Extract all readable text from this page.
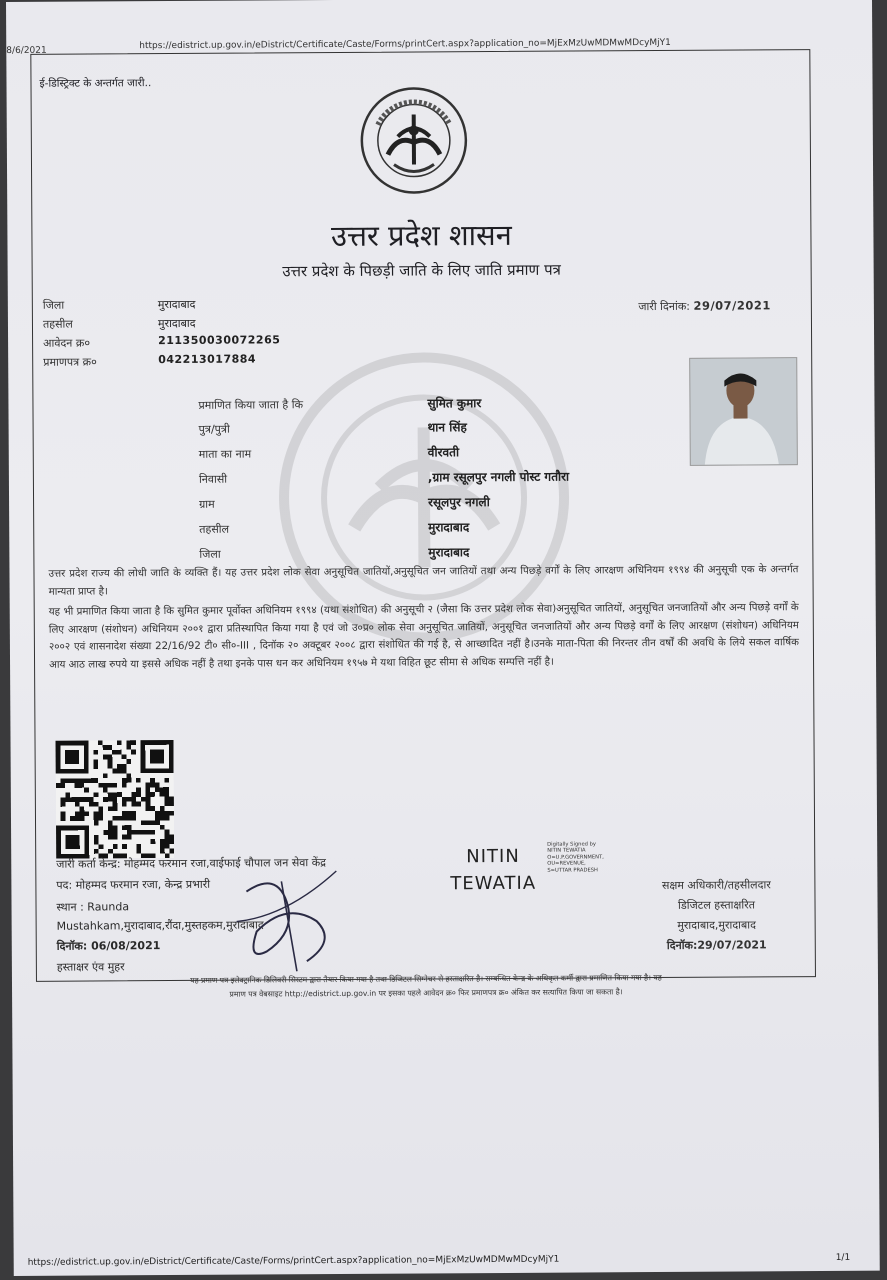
8/6/2021	https://edistrict.up.gov.in/eDistrict/Certificate/Caste/Forms/printCert.aspx?application_no=MjExMzUwMDMwMDcyMjY1
ई-डिस्ट्रिक्ट के अन्तर्गत जारी..
उत्तर प्रदेश शासन
उत्तर प्रदेश के पिछड़ी जाति के लिए जाति प्रमाण पत्र
जिला	मुरादाबाद
तहसील	मुरादाबाद
आवेदन क्र०	211350030072265
प्रमाणपत्र क्र०	042213017884
जारी दिनांक: 29/07/2021
प्रमाणित किया जाता है कि	सुमित कुमार
पुत्र/पुत्री	थान सिंह
माता का नाम	वीरवती
निवासी	,ग्राम रसूलपुर नगली पोस्ट गतौरा
ग्राम	रसूलपुर नगली
तहसील	मुरादाबाद
जिला	मुरादाबाद
उत्तर प्रदेश राज्य की लोधी जाति के व्यक्ति हैं। यह उत्तर प्रदेश लोक सेवा अनुसूचित जातियों,अनुसूचित जन जातियों तथा अन्य पिछड़े वर्गों के लिए आरक्षण अधिनियम १९९४ की अनुसूची एक के अन्तर्गत मान्यता प्राप्त है।
यह भी प्रमाणित किया जाता है कि सुमित कुमार पूर्वोक्त अधिनियम १९९४ (यथा संशोधित) की अनुसूची २ (जैसा कि उत्तर प्रदेश लोक सेवा)अनुसूचित जातियों, अनुसूचित जनजातियों और अन्य पिछड़े वर्गों के लिए आरक्षण (संशोधन) अधिनियम २००१ द्वारा प्रतिस्थापित किया गया है एवं जो उ०प्र० लोक सेवा अनुसूचित जातियों, अनुसूचित जनजातियों और अन्य पिछड़े वर्गों के लिए आरक्षण (संशोधन) अधिनियम २००२ एवं शासनादेश संख्या 22/16/92 टी० सी०-III , दिनॉक २० अक्टूबर २००८ द्वारा संशोधित की गई है, से आच्छादित नहीं है।उनके माता-पिता की निरन्तर तीन वर्षों की अवधि के लिये सकल वार्षिक आय आठ लाख रुपये या इससे अधिक नहीं है तथा इनके पास धन कर अधिनियम १९५७ मे यथा विहित छूट सीमा से अधिक सम्पत्ति नहीं है।
जारी कर्ता केन्द्र: मोहम्मद फरमान रजा,वाईफाई चौपाल जन सेवा केंद्र
पद: मोहम्मद फरमान रजा, केन्द्र प्रभारी
स्थान : Raunda
Mustahkam,मुरादाबाद,रौंदा,मुस्तहकम,मुरादाबाद
दिनॉक: 06/08/2021
हस्ताक्षर एंव मुहर
NITIN
TEWATIA
Digitally Signed by
NITIN TEWATIA
O=U.P.GOVERNMENT,
OU=REVENUE,
S=UTTAR PRADESH
सक्षम अधिकारी/तहसीलदार
डिजिटल हस्ताक्षरित
मुरादाबाद,मुरादाबाद
दिनॉक:29/07/2021
यह प्रमाण पत्र इलेक्ट्रानिक डिलिवरी सिस्टम द्वारा तैयार किया गया है तथा डिजिटल सिग्नेचर से हस्ताक्षरित है। सम्बन्धित केन्द्र के अधिकृत कर्मी द्वारा प्रमाणित किया गया है। यह
प्रमाण पत्र वेबसाइट http://edistrict.up.gov.in पर इसका पहले आवेदन क्र० फिर प्रमाणपत्र क्र० अंकित कर सत्यापित किया जा सकता है।
https://edistrict.up.gov.in/eDistrict/Certificate/Caste/Forms/printCert.aspx?application_no=MjExMzUwMDMwMDcyMjY1	1/1
